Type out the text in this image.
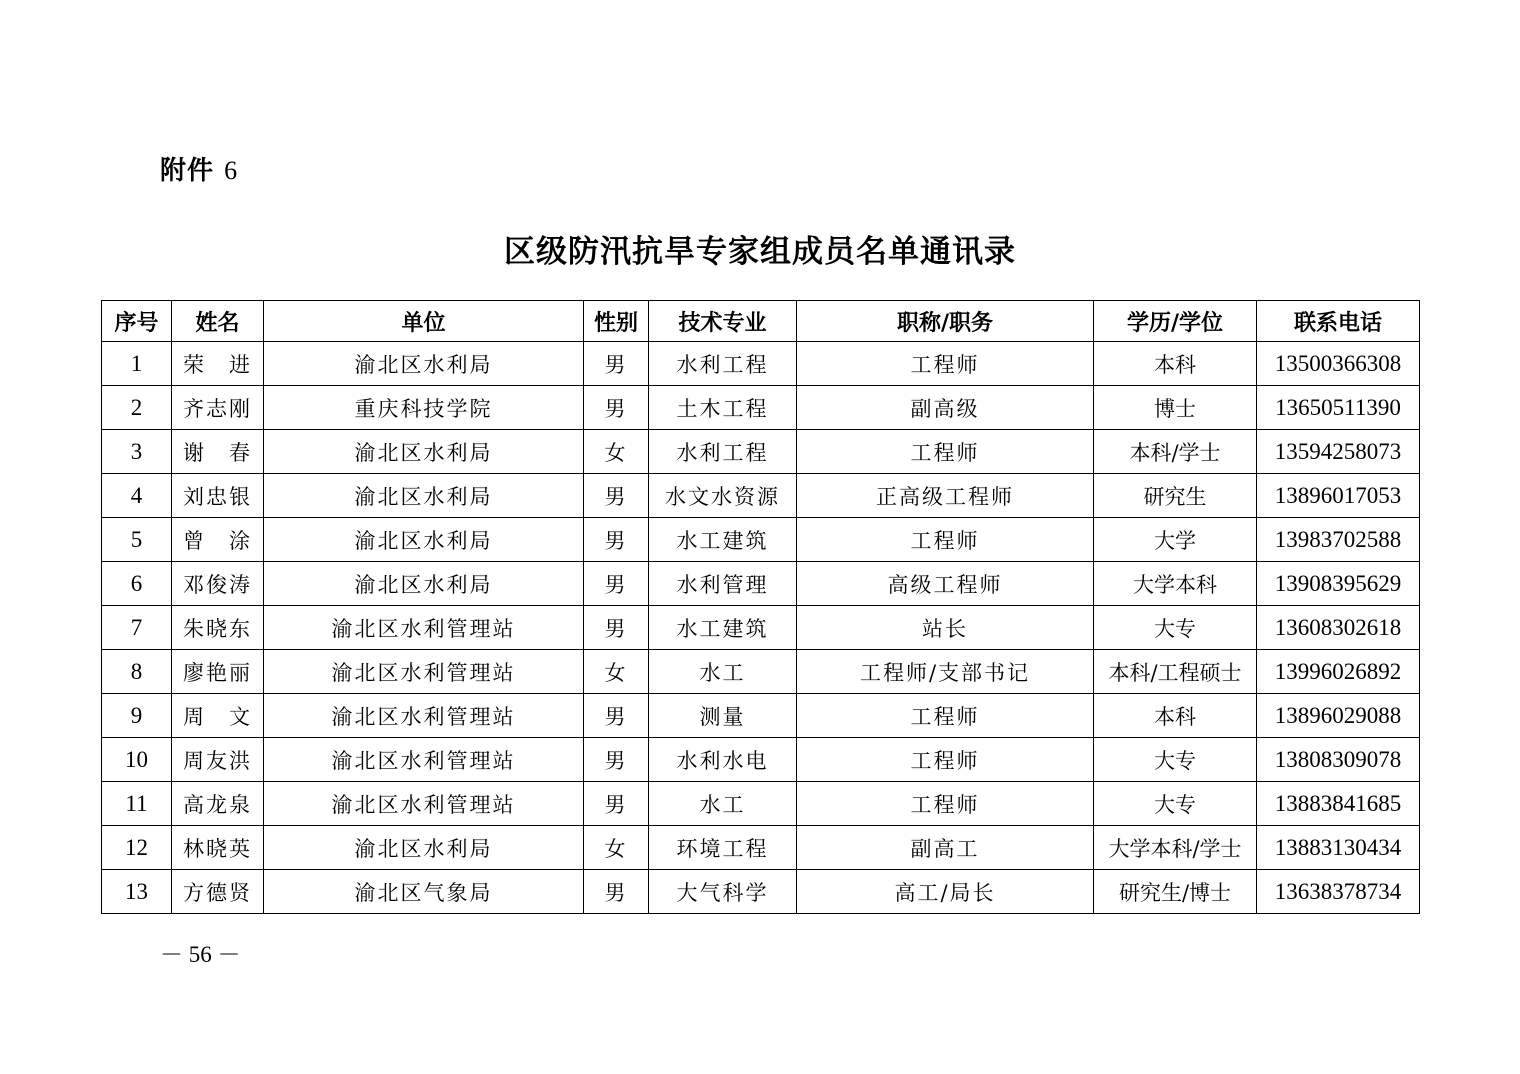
附件 6
区级防汛抗旱专家组成员名单通讯录
序号	姓名	单位	性别	技术专业	职称/职务	学历/学位	联系电话
1	荣　进	渝北区水利局	男	水利工程	工程师	本科	13500366308
2	齐志刚	重庆科技学院	男	土木工程	副高级	博士	13650511390
3	谢　春	渝北区水利局	女	水利工程	工程师	本科/学士	13594258073
4	刘忠银	渝北区水利局	男	水文水资源	正高级工程师	研究生	13896017053
5	曾　涂	渝北区水利局	男	水工建筑	工程师	大学	13983702588
6	邓俊涛	渝北区水利局	男	水利管理	高级工程师	大学本科	13908395629
7	朱晓东	渝北区水利管理站	男	水工建筑	站长	大专	13608302618
8	廖艳丽	渝北区水利管理站	女	水工	工程师/支部书记	本科/工程硕士	13996026892
9	周　文	渝北区水利管理站	男	测量	工程师	本科	13896029088
10	周友洪	渝北区水利管理站	男	水利水电	工程师	大专	13808309078
11	高龙泉	渝北区水利管理站	男	水工	工程师	大专	13883841685
12	林晓英	渝北区水利局	女	环境工程	副高工	大学本科/学士	13883130434
13	方德贤	渝北区气象局	男	大气科学	高工/局长	研究生/博士	13638378734
－ 56 －
